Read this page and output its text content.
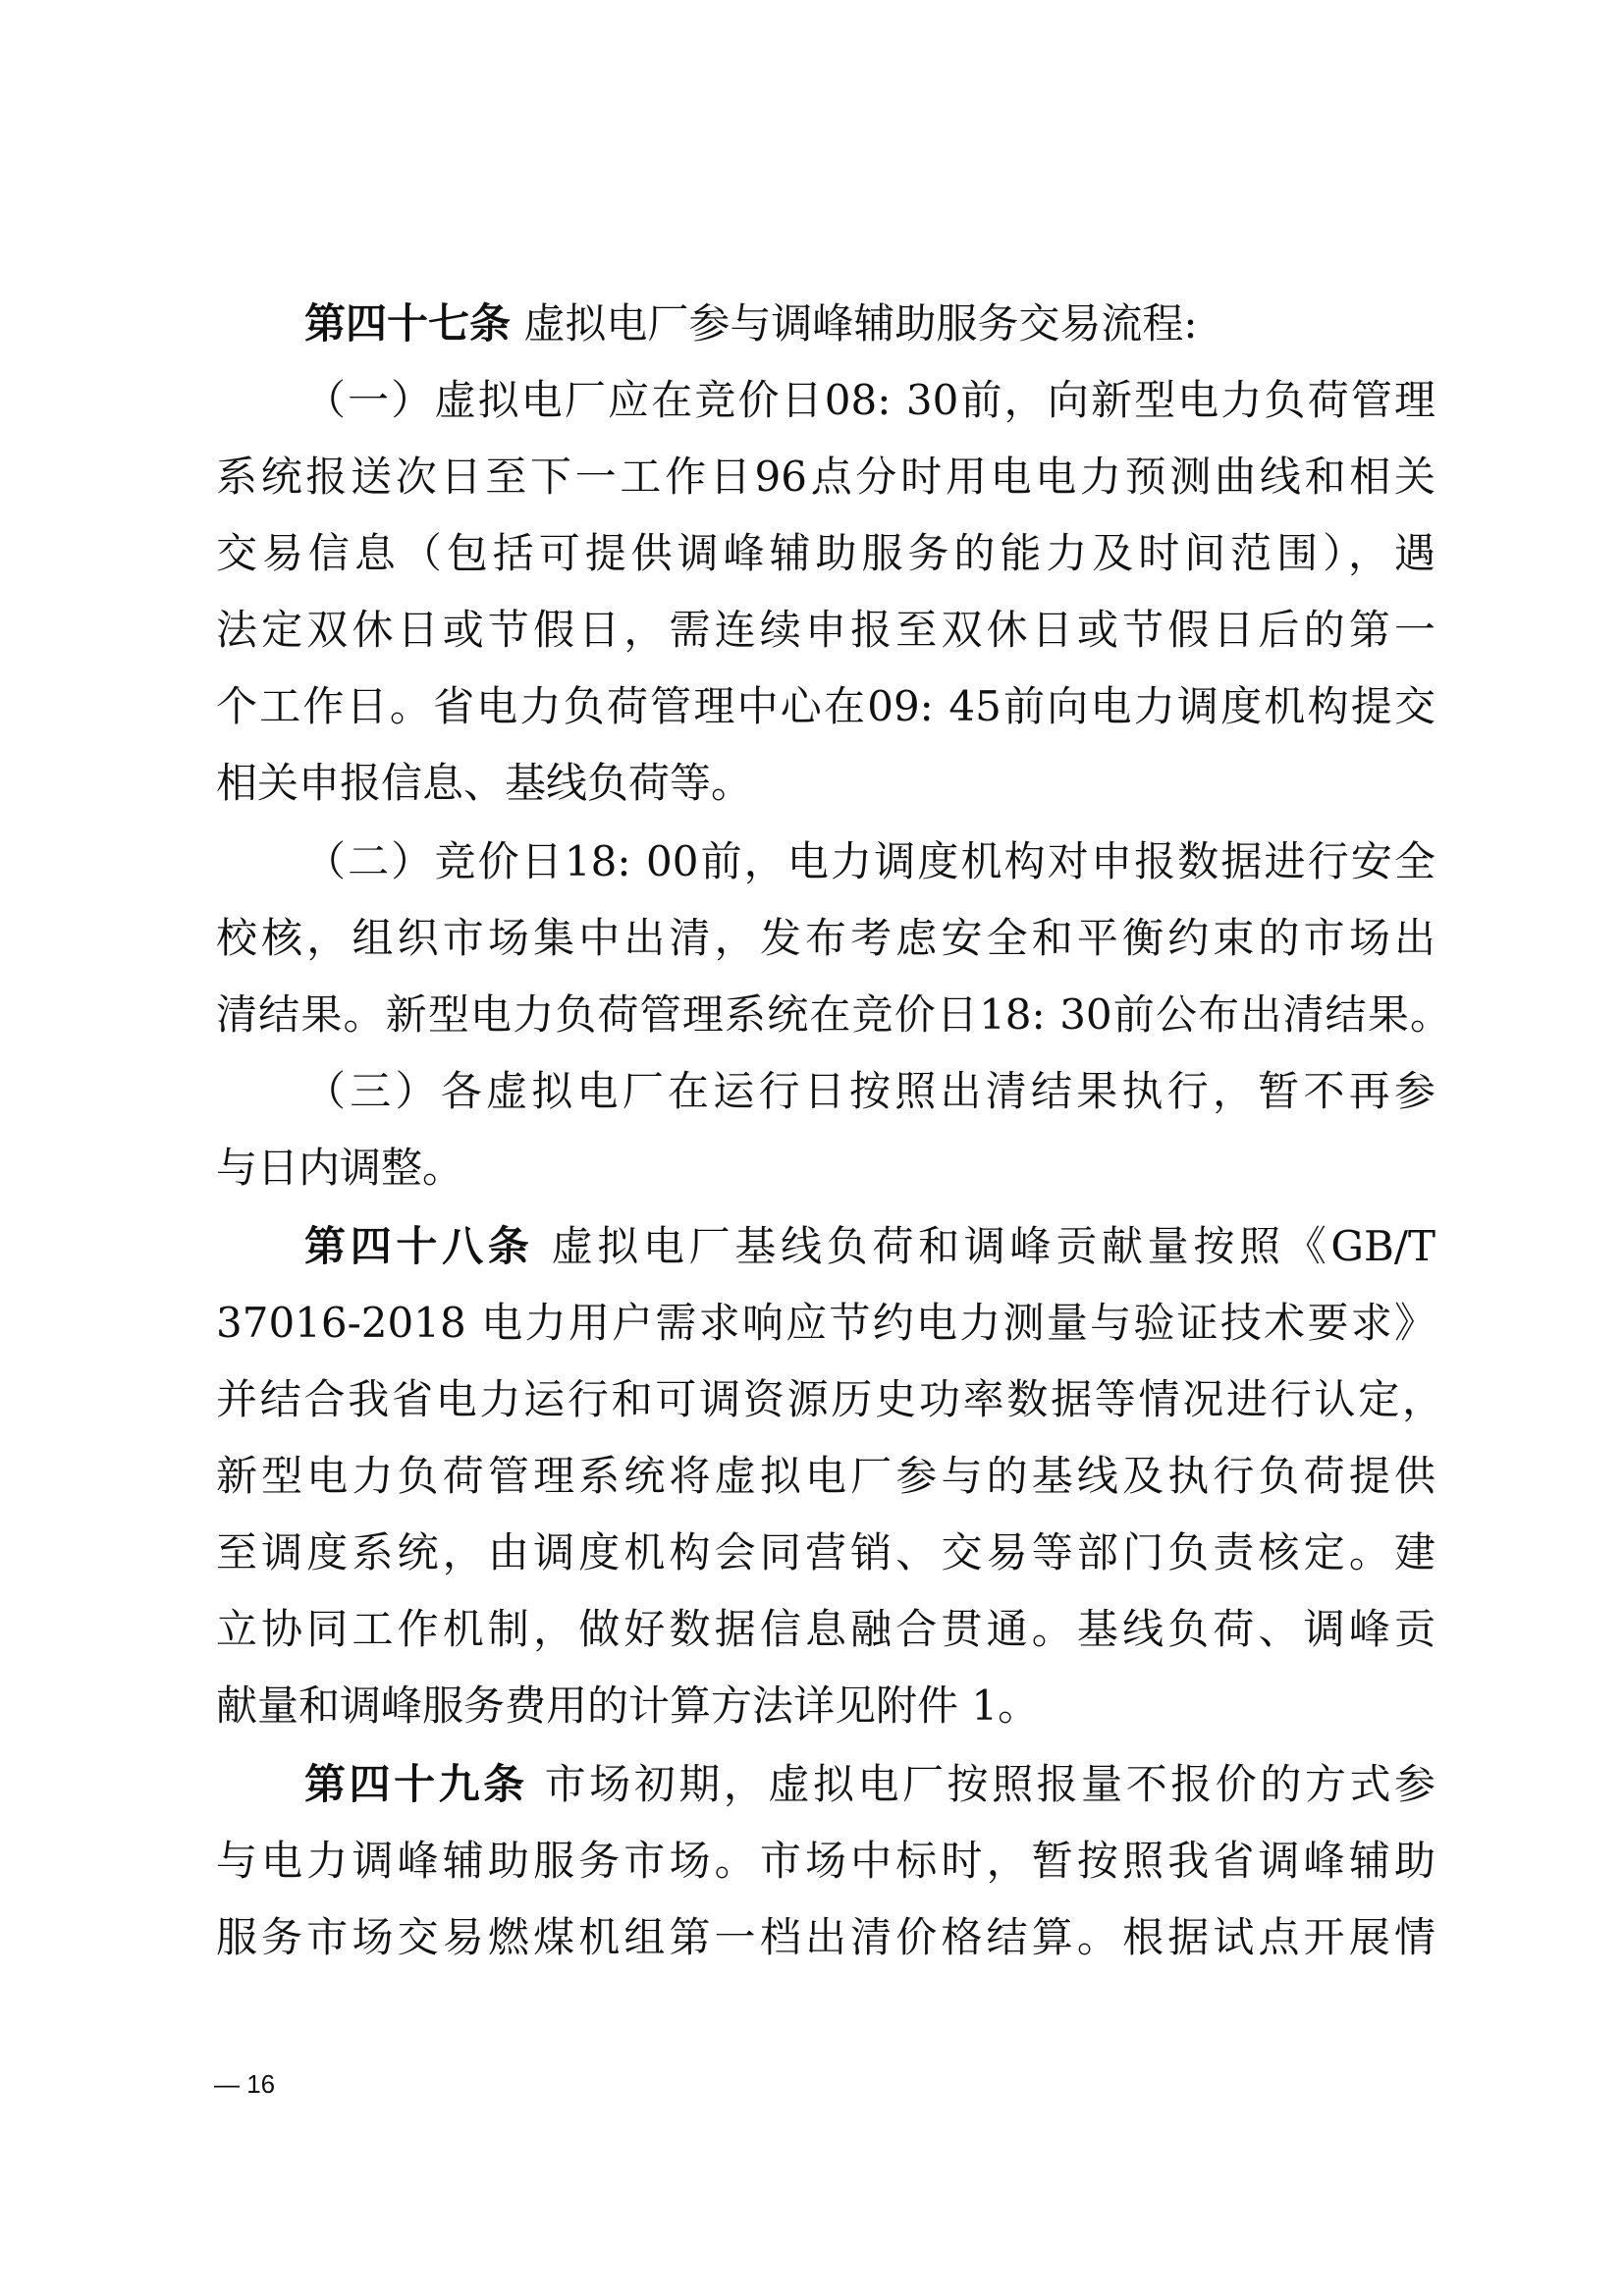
第四十七条 虚拟电厂参与调峰辅助服务交易流程:
（一）虚拟电厂应在竞价日08: 30前，向新型电力负荷管理
系统报送次日至下一工作日96点分时用电电力预测曲线和相关
交易信息（包括可提供调峰辅助服务的能力及时间范围），遇
法定双休日或节假日，需连续申报至双休日或节假日后的第一
个工作日。省电力负荷管理中心在09: 45前向电力调度机构提交
相关申报信息、基线负荷等。
（二）竞价日18: 00前，电力调度机构对申报数据进行安全
校核，组织市场集中出清，发布考虑安全和平衡约束的市场出
清结果。新型电力负荷管理系统在竞价日18: 30前公布出清结果。
（三）各虚拟电厂在运行日按照出清结果执行，暂不再参
与日内调整。
第四十八条 虚拟电厂基线负荷和调峰贡献量按照《GB/T
37016-2018 电力用户需求响应节约电力测量与验证技术要求》
并结合我省电力运行和可调资源历史功率数据等情况进行认定，
新型电力负荷管理系统将虚拟电厂参与的基线及执行负荷提供
至调度系统，由调度机构会同营销、交易等部门负责核定。建
立协同工作机制，做好数据信息融合贯通。基线负荷、调峰贡
献量和调峰服务费用的计算方法详见附件 1。
第四十九条 市场初期，虚拟电厂按照报量不报价的方式参
与电力调峰辅助服务市场。市场中标时，暂按照我省调峰辅助
服务市场交易燃煤机组第一档出清价格结算。根据试点开展情
— 16
